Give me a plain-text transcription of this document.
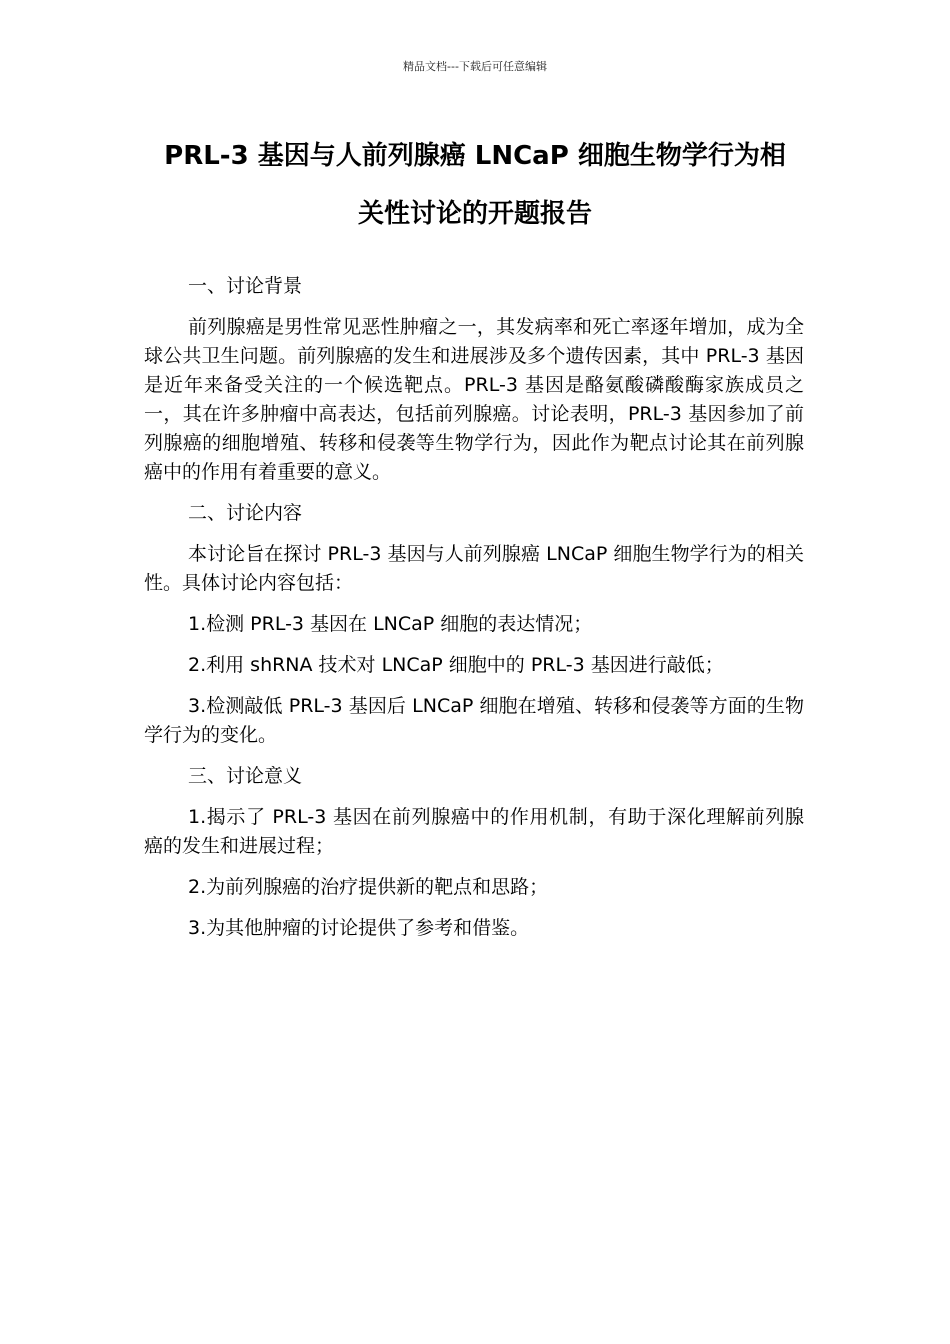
精品文档---下载后可任意编辑
PRL-3 基因与人前列腺癌 LNCaP 细胞生物学行为相
关性讨论的开题报告

一、讨论背景

前列腺癌是男性常见恶性肿瘤之一，其发病率和死亡率逐年增加，成为全球公共卫生问题。前列腺癌的发生和进展涉及多个遗传因素，其中 PRL-3 基因是近年来备受关注的一个候选靶点。PRL-3 基因是酪氨酸磷酸酶家族成员之一，其在许多肿瘤中高表达，包括前列腺癌。讨论表明，PRL-3 基因参加了前列腺癌的细胞增殖、转移和侵袭等生物学行为，因此作为靶点讨论其在前列腺癌中的作用有着重要的意义。

二、讨论内容

本讨论旨在探讨 PRL-3 基因与人前列腺癌 LNCaP 细胞生物学行为的相关性。具体讨论内容包括：

1.检测 PRL-3 基因在 LNCaP 细胞的表达情况；

2.利用 shRNA 技术对 LNCaP 细胞中的 PRL-3 基因进行敲低；

3.检测敲低 PRL-3 基因后 LNCaP 细胞在增殖、转移和侵袭等方面的生物学行为的变化。

三、讨论意义

1.揭示了 PRL-3 基因在前列腺癌中的作用机制，有助于深化理解前列腺癌的发生和进展过程；

2.为前列腺癌的治疗提供新的靶点和思路；

3.为其他肿瘤的讨论提供了参考和借鉴。
